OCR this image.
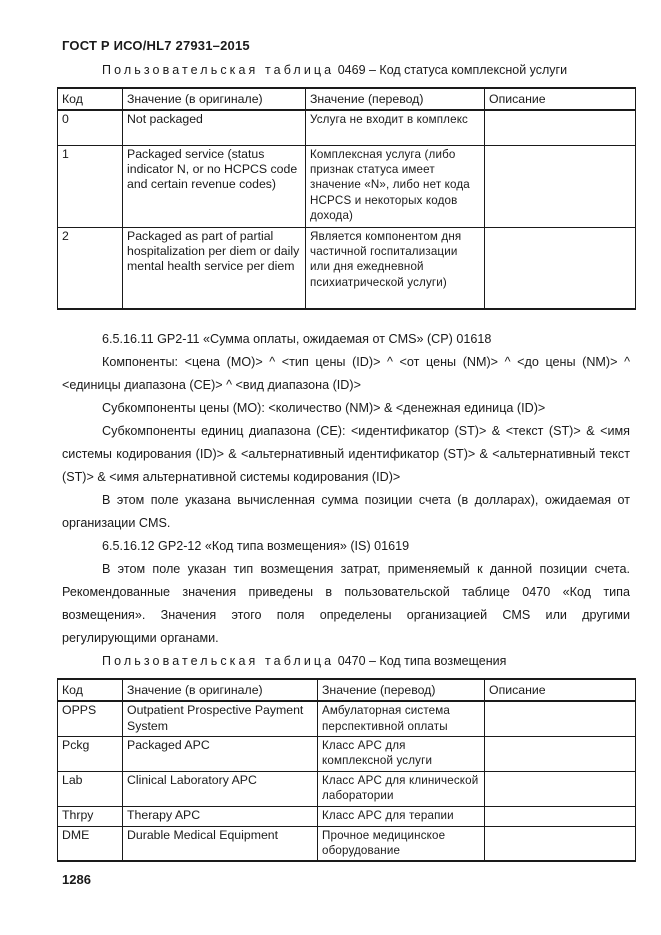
ГОСТ Р ИСО/HL7 27931–2015
Пользовательская таблица 0469 – Код статуса комплексной услуги
Код	Значение (в оригинале)	Значение (перевод)	Описание
0	Not packaged	Услуга не входит в комплекс	
1	Packaged service (status indicator N, or no HCPCS code and certain revenue codes)	Комплексная услуга (либо признак статуса имеет значение «N», либо нет кода HCPCS и некоторых кодов дохода)	
2	Packaged as part of partial hospitalization per diem or daily mental health service per diem	Является компонентом дня частичной госпитализации или дня ежедневной психиатрической услуги)	

6.5.16.11 GP2-11 «Сумма оплаты, ожидаемая от CMS» (CP) 01618

Компоненты: <цена (MO)> ^ <тип цены (ID)> ^ <от цены (NM)> ^ <до цены (NM)> ^ <единицы диапазона (CE)> ^ <вид диапазона (ID)>

Субкомпоненты цены (MO): <количество (NM)> & <денежная единица (ID)>

Субкомпоненты единиц диапазона (CE): <идентификатор (ST)> & <текст (ST)> & <имя системы кодирования (ID)> & <альтернативный идентификатор (ST)> & <альтернативный текст (ST)> & <имя альтернативной системы кодирования (ID)>

В этом поле указана вычисленная сумма позиции счета (в долларах), ожидаемая от организации CMS.

6.5.16.12 GP2-12 «Код типа возмещения» (IS) 01619

В этом поле указан тип возмещения затрат, применяемый к данной позиции счета. Рекомендованные значения приведены в пользовательской таблице 0470 «Код типа возмещения». Значения этого поля определены организацией CMS или другими регулирующими органами.

Пользовательская таблица 0470 – Код типа возмещения
Код	Значение (в оригинале)	Значение (перевод)	Описание
OPPS	Outpatient Prospective Payment System	Амбулаторная система перспективной оплаты	
Pckg	Packaged APC	Класс APC для комплексной услуги	
Lab	Clinical Laboratory APC	Класс APC для клинической лаборатории	
Thrpy	Therapy APC	Класс APC для терапии	
DME	Durable Medical Equipment	Прочное медицинское оборудование	
1286
